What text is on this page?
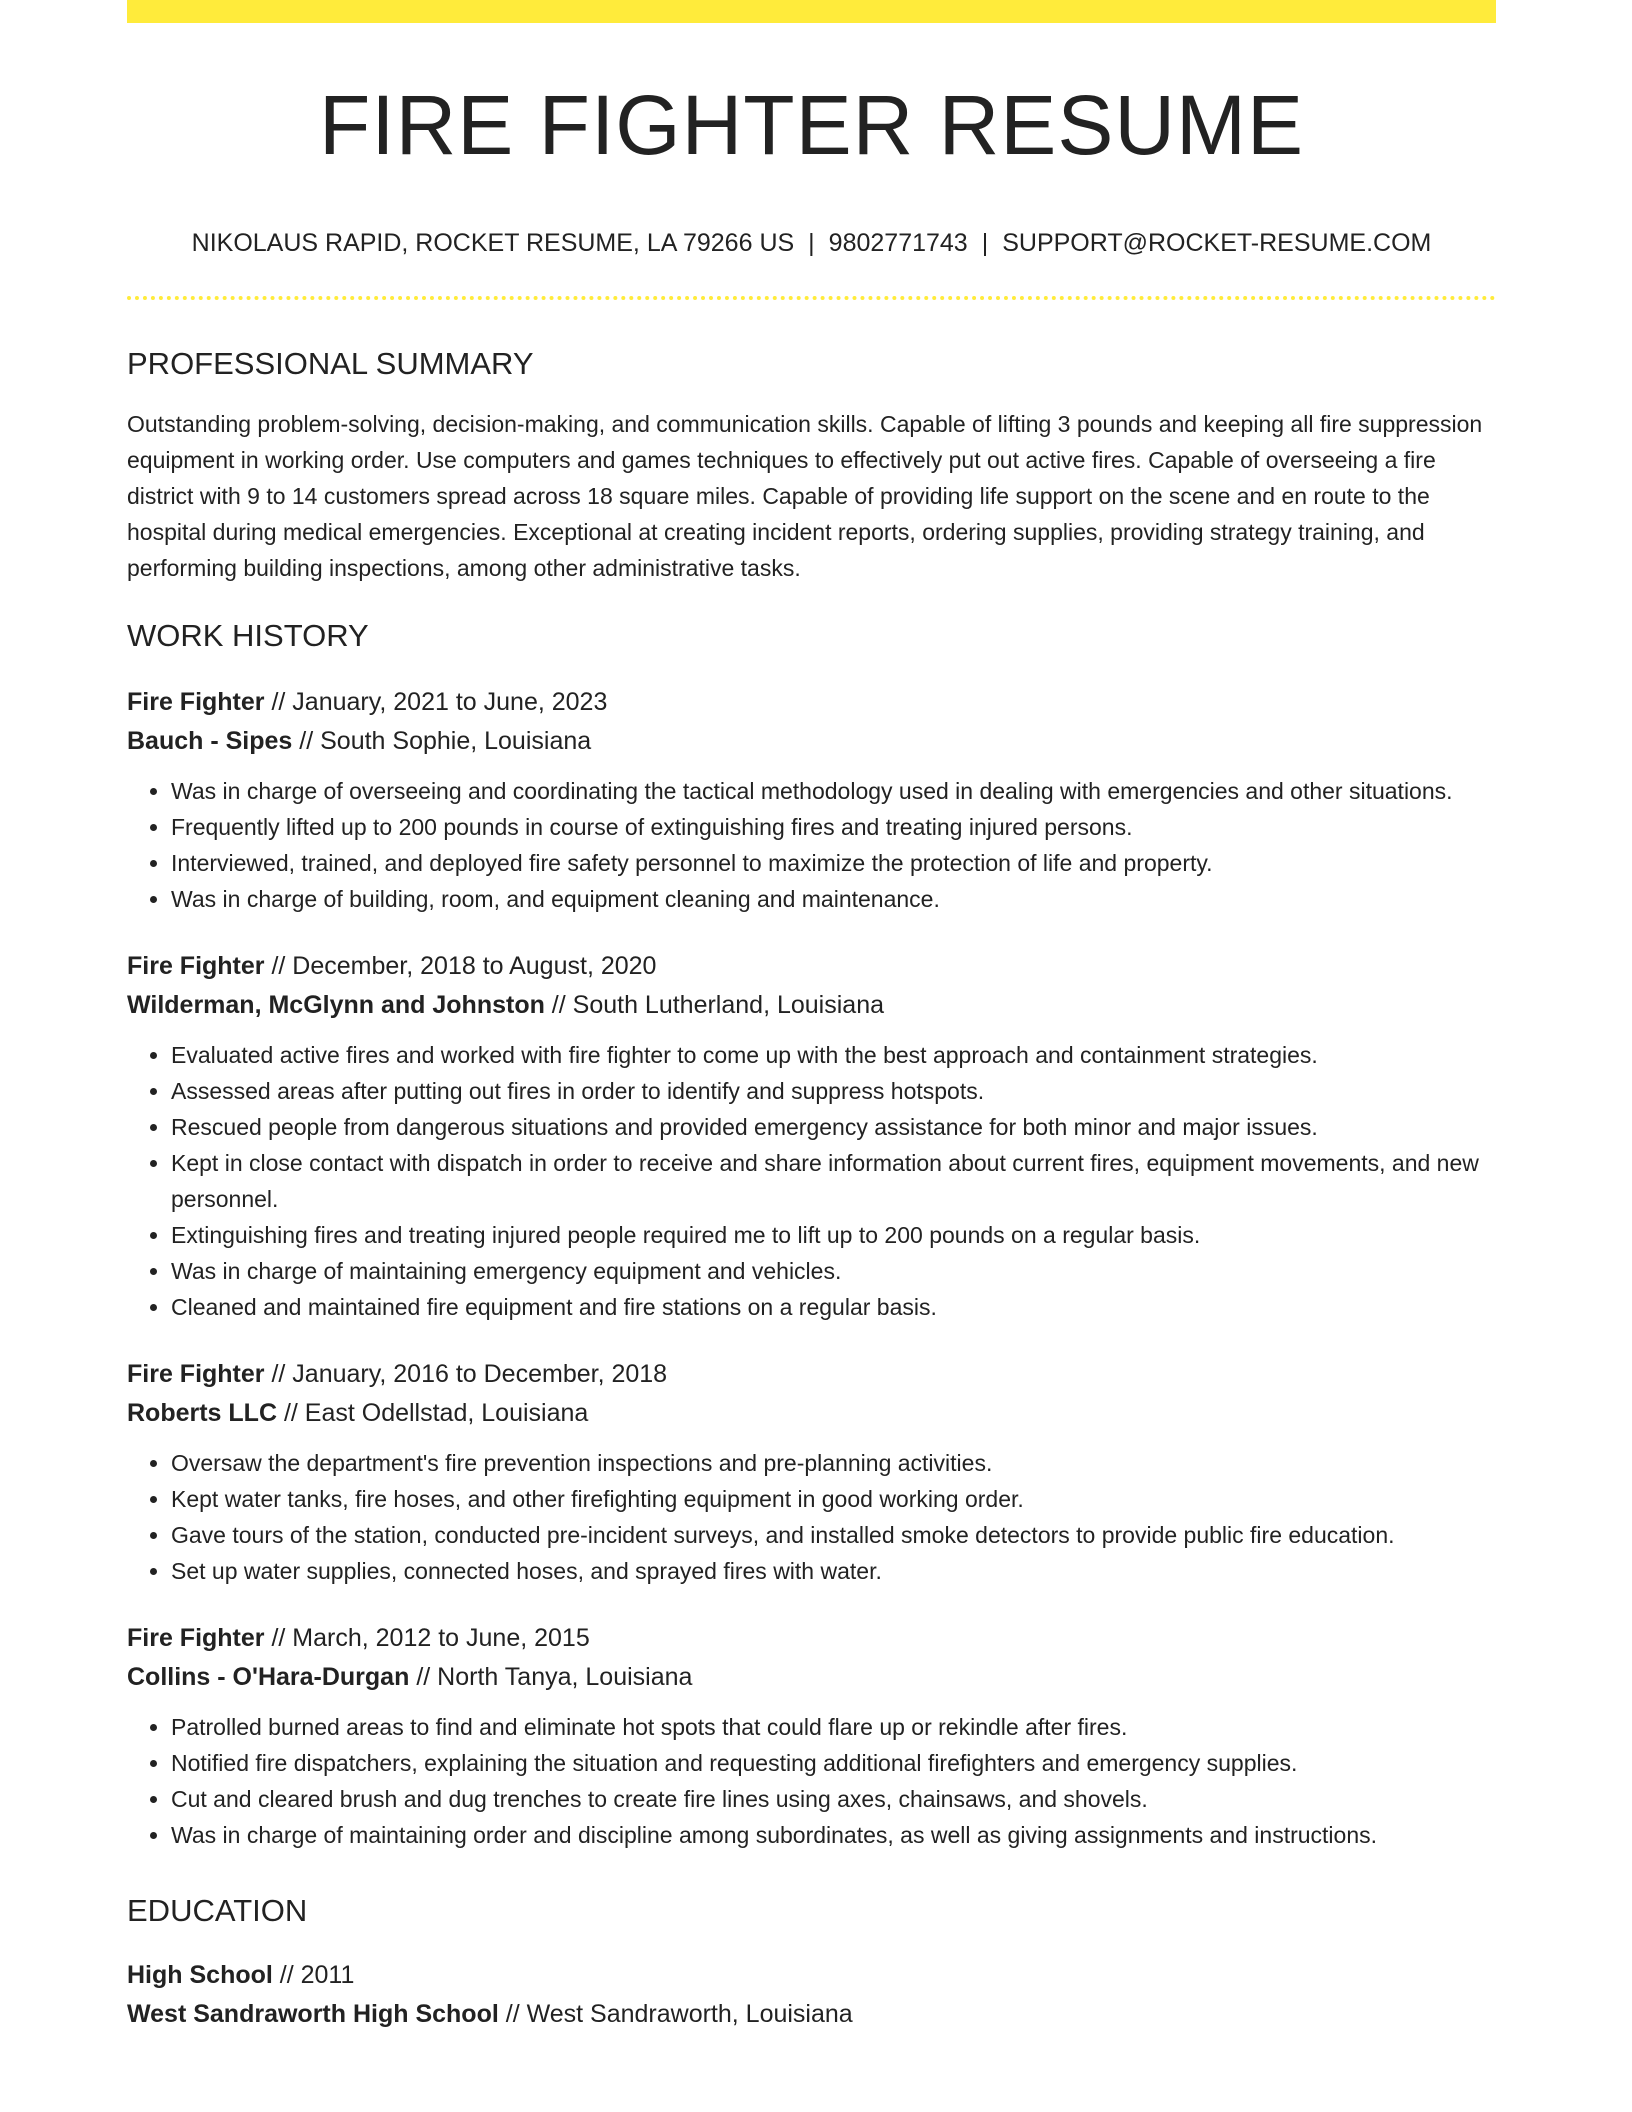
FIRE FIGHTER RESUME
NIKOLAUS RAPID, ROCKET RESUME, LA 79266 US | 9802771743 | SUPPORT@ROCKET-RESUME.COM
PROFESSIONAL SUMMARY

Outstanding problem-solving, decision-making, and communication skills. Capable of lifting 3 pounds and keeping all fire suppression equipment in working order. Use computers and games techniques to effectively put out active fires. Capable of overseeing a fire district with 9 to 14 customers spread across 18 square miles. Capable of providing life support on the scene and en route to the hospital during medical emergencies. Exceptional at creating incident reports, ordering supplies, providing strategy training, and performing building inspections, among other administrative tasks.

WORK HISTORY
Fire Fighter // January, 2021 to June, 2023
Bauch - Sipes // South Sophie, Louisiana
• Was in charge of overseeing and coordinating the tactical methodology used in dealing with emergencies and other situations.
• Frequently lifted up to 200 pounds in course of extinguishing fires and treating injured persons.
• Interviewed, trained, and deployed fire safety personnel to maximize the protection of life and property.
• Was in charge of building, room, and equipment cleaning and maintenance.
Fire Fighter // December, 2018 to August, 2020
Wilderman, McGlynn and Johnston // South Lutherland, Louisiana
• Evaluated active fires and worked with fire fighter to come up with the best approach and containment strategies.
• Assessed areas after putting out fires in order to identify and suppress hotspots.
• Rescued people from dangerous situations and provided emergency assistance for both minor and major issues.
• Kept in close contact with dispatch in order to receive and share information about current fires, equipment movements, and new personnel.
• Extinguishing fires and treating injured people required me to lift up to 200 pounds on a regular basis.
• Was in charge of maintaining emergency equipment and vehicles.
• Cleaned and maintained fire equipment and fire stations on a regular basis.
Fire Fighter // January, 2016 to December, 2018
Roberts LLC // East Odellstad, Louisiana
• Oversaw the department's fire prevention inspections and pre-planning activities.
• Kept water tanks, fire hoses, and other firefighting equipment in good working order.
• Gave tours of the station, conducted pre-incident surveys, and installed smoke detectors to provide public fire education.
• Set up water supplies, connected hoses, and sprayed fires with water.
Fire Fighter // March, 2012 to June, 2015
Collins - O'Hara-Durgan // North Tanya, Louisiana
• Patrolled burned areas to find and eliminate hot spots that could flare up or rekindle after fires.
• Notified fire dispatchers, explaining the situation and requesting additional firefighters and emergency supplies.
• Cut and cleared brush and dug trenches to create fire lines using axes, chainsaws, and shovels.
• Was in charge of maintaining order and discipline among subordinates, as well as giving assignments and instructions.
EDUCATION
High School // 2011
West Sandraworth High School // West Sandraworth, Louisiana
